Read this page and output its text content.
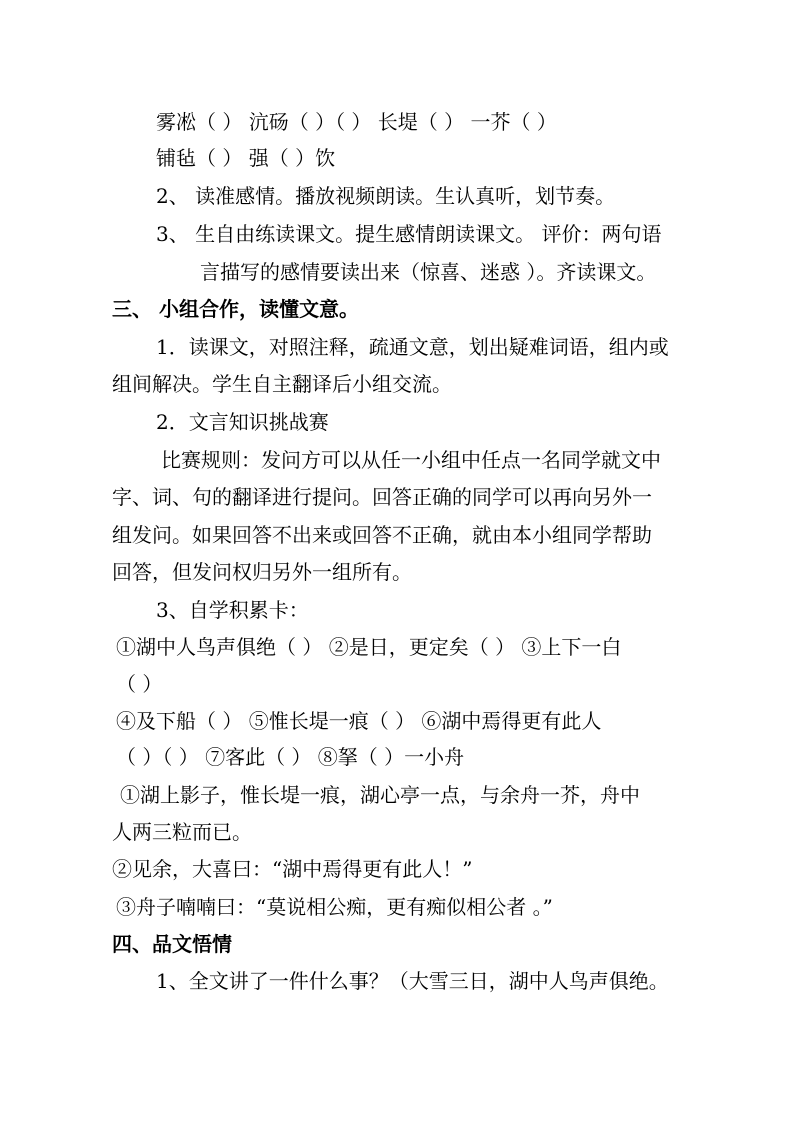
雾凇（ ） 沆砀（ ）（ ） 长堤（ ） 一芥（ ）
铺毡（ ） 强（ ）饮
2、 读准感情。播放视频朗读。生认真听，划节奏。
3、 生自由练读课文。提生感情朗读课文。 评价：两句语
言描写的感情要读出来（惊喜、迷惑 ）。齐读课文。
三、 小组合作，读懂文意。
1．读课文，对照注释，疏通文意，划出疑难词语，组内或
组间解决。学生自主翻译后小组交流。
2．文言知识挑战赛
比赛规则：发问方可以从任一小组中任点一名同学就文中
字、词、句的翻译进行提问。回答正确的同学可以再向另外一
组发问。如果回答不出来或回答不正确，就由本小组同学帮助
回答，但发问权归另外一组所有。
3、自学积累卡：
①湖中人鸟声俱绝（ ） ②是日，更定矣（ ） ③上下一白
（ ）
④及下船（ ） ⑤惟长堤一痕（ ） ⑥湖中焉得更有此人
（ ）（ ） ⑦客此（ ） ⑧拏（ ）一小舟
①湖上影子，惟长堤一痕，湖心亭一点，与余舟一芥，舟中
人两三粒而已。
②见余，大喜曰：“湖中焉得更有此人！”
③舟子喃喃曰：“莫说相公痴，更有痴似相公者 。”
四、品文悟情
1、全文讲了一件什么事？（大雪三日，湖中人鸟声俱绝。
